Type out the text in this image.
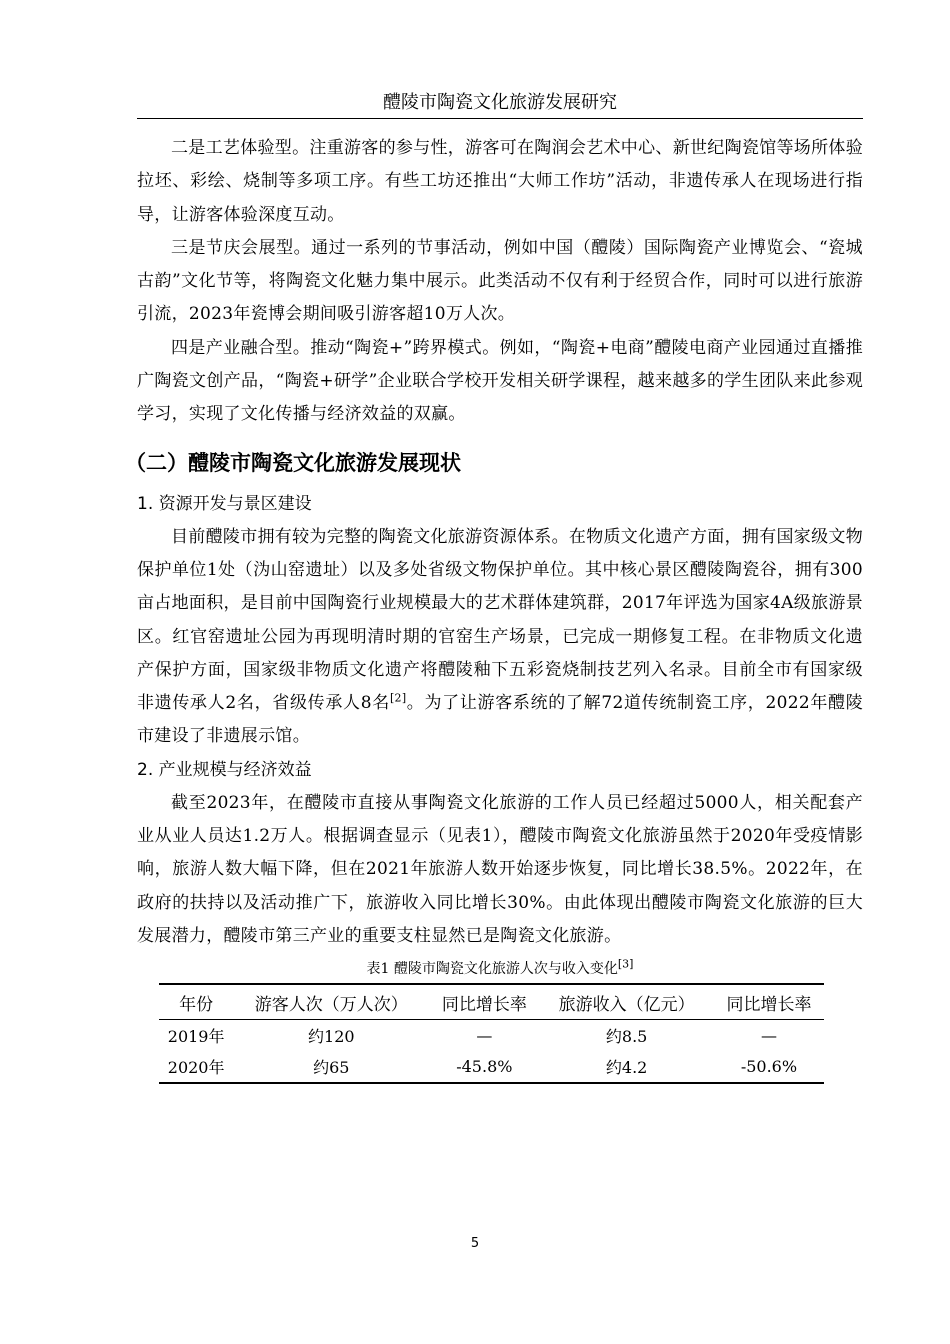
醴陵市陶瓷文化旅游发展研究

二是工艺体验型。注重游客的参与性，游客可在陶润会艺术中心、新世纪陶瓷馆等场所体验拉坯、彩绘、烧制等多项工序。有些工坊还推出“大师工作坊”活动，非遗传承人在现场进行指导，让游客体验深度互动。

三是节庆会展型。通过一系列的节事活动，例如中国（醴陵）国际陶瓷产业博览会、“瓷城古韵”文化节等，将陶瓷文化魅力集中展示。此类活动不仅有利于经贸合作，同时可以进行旅游引流，2023年瓷博会期间吸引游客超10万人次。

四是产业融合型。推动“陶瓷+”跨界模式。例如，“陶瓷+电商”醴陵电商产业园通过直播推广陶瓷文创产品，“陶瓷+研学”企业联合学校开发相关研学课程，越来越多的学生团队来此参观学习，实现了文化传播与经济效益的双赢。

（二）醴陵市陶瓷文化旅游发展现状
1. 资源开发与景区建设

目前醴陵市拥有较为完整的陶瓷文化旅游资源体系。在物质文化遗产方面，拥有国家级文物保护单位1处（沩山窑遗址）以及多处省级文物保护单位。其中核心景区醴陵陶瓷谷，拥有300亩占地面积，是目前中国陶瓷行业规模最大的艺术群体建筑群，2017年评选为国家4A级旅游景区。红官窑遗址公园为再现明清时期的官窑生产场景，已完成一期修复工程。在非物质文化遗产保护方面，国家级非物质文化遗产将醴陵釉下五彩瓷烧制技艺列入名录。目前全市有国家级非遗传承人2名，省级传承人8名[2]。为了让游客系统的了解72道传统制瓷工序，2022年醴陵市建设了非遗展示馆。

2. 产业规模与经济效益

截至2023年，在醴陵市直接从事陶瓷文化旅游的工作人员已经超过5000人，相关配套产业从业人员达1.2万人。根据调查显示（见表1），醴陵市陶瓷文化旅游虽然于2020年受疫情影响，旅游人数大幅下降，但在2021年旅游人数开始逐步恢复，同比增长38.5%。2022年，在政府的扶持以及活动推广下，旅游收入同比增长30%。由此体现出醴陵市陶瓷文化旅游的巨大发展潜力，醴陵市第三产业的重要支柱显然已是陶瓷文化旅游。

表1 醴陵市陶瓷文化旅游人次与收入变化[3]
年份	游客人次（万人次）	同比增长率	旅游收入（亿元）	同比增长率
2019年	约120	—	约8.5	—
2020年	约65	-45.8%	约4.2	-50.6%
5
